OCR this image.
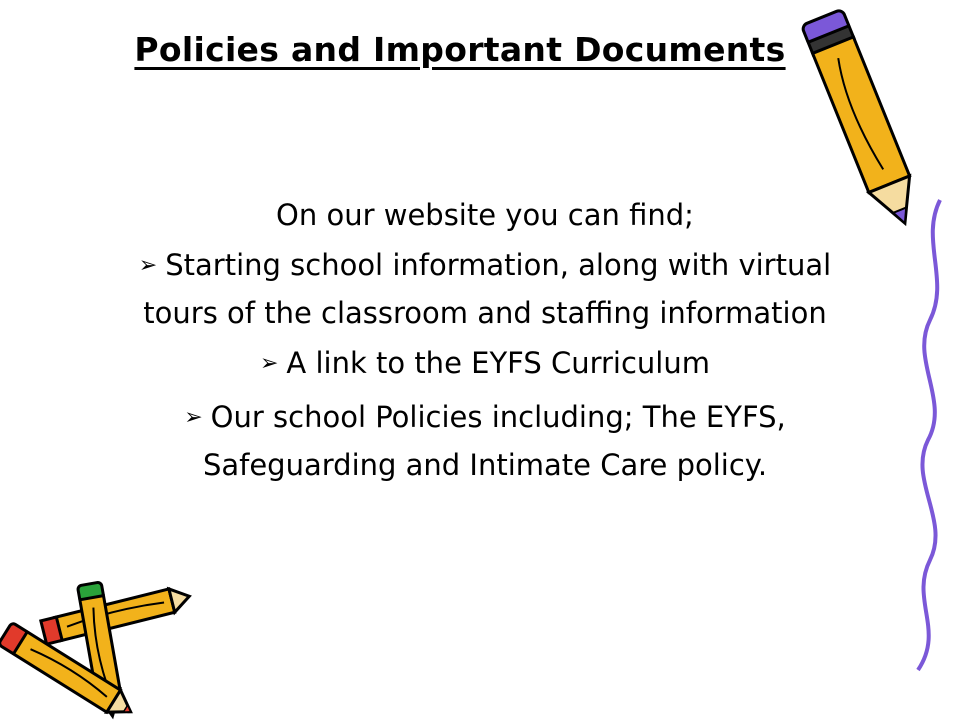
Policies and Important Documents
On our website you can find;
➢ Starting school information, along with virtual tours of the classroom and staffing information
➢ A link to the EYFS Curriculum
➢ Our school Policies including; The EYFS, Safeguarding and Intimate Care policy.
